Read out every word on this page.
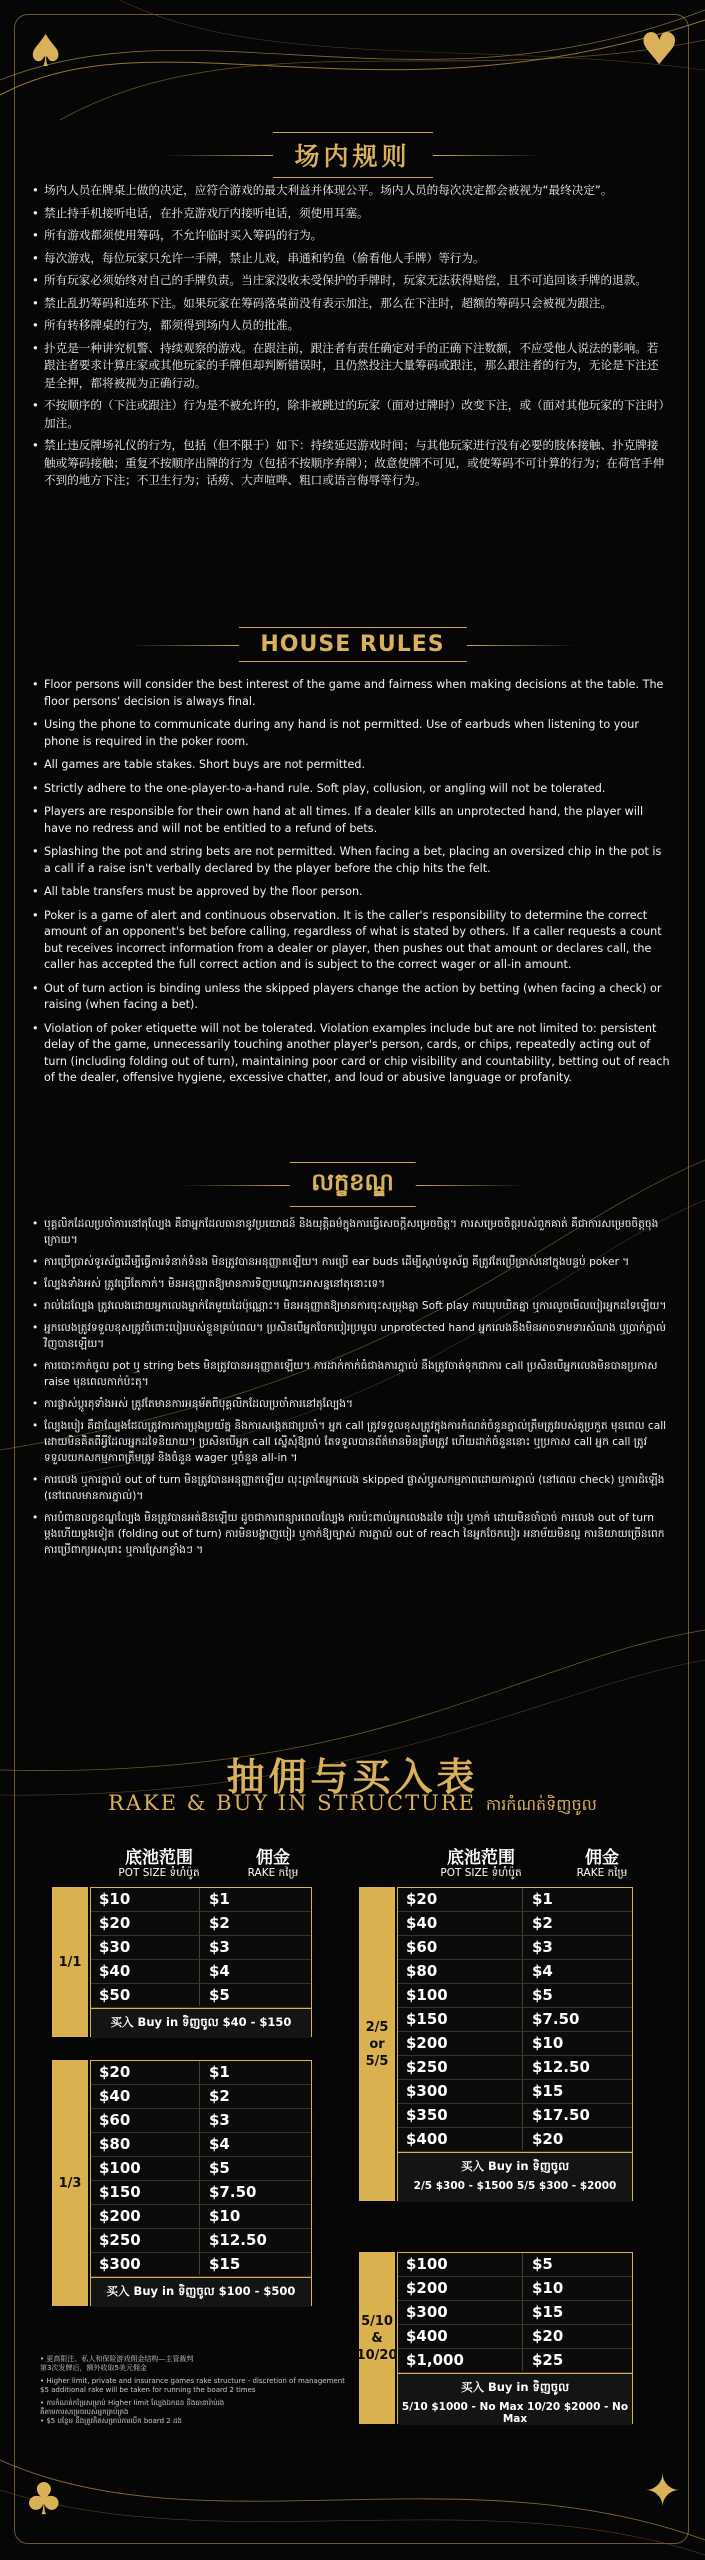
♠	♥
♣	✦
场内规则
• 场内人员在牌桌上做的决定，应符合游戏的最大利益并体现公平。场内人员的每次决定都会被视为“最终决定”。
• 禁止持手机接听电话，在扑克游戏厅内接听电话，须使用耳塞。
• 所有游戏都须使用筹码，不允许临时买入筹码的行为。
• 每次游戏，每位玩家只允许一手牌，禁止儿戏，串通和钓鱼（偷看他人手牌）等行为。
• 所有玩家必须始终对自己的手牌负责。当庄家没收未受保护的手牌时，玩家无法获得赔偿，且不可追回该手牌的退款。
• 禁止乱扔筹码和连环下注。如果玩家在筹码落桌前没有表示加注，那么在下注时，超额的筹码只会被视为跟注。
• 所有转移牌桌的行为，都须得到场内人员的批准。
• 扑克是一种讲究机警、持续观察的游戏。在跟注前，跟注者有责任确定对手的正确下注数额，不应受他人说法的影响。若跟注者要求计算庄家或其他玩家的手牌但却判断错误时，且仍然投注大量筹码或跟注，那么跟注者的行为，无论是下注还是全押，都将被视为正确行动。
• 不按顺序的（下注或跟注）行为是不被允许的，除非被跳过的玩家（面对过牌时）改变下注，或（面对其他玩家的下注时）加注。
• 禁止违反牌场礼仪的行为，包括（但不限于）如下：持续延迟游戏时间；与其他玩家进行没有必要的肢体接触、扑克牌接触或筹码接触；重复不按顺序出牌的行为（包括不按顺序弃牌）；故意使牌不可见，或使筹码不可计算的行为；在荷官手伸不到的地方下注；不卫生行为；话痨、大声喧哗、粗口或语言侮辱等行为。
HOUSE RULES
• Floor persons will consider the best interest of the game and fairness when making decisions at the table. The floor persons' decision is always final.
• Using the phone to communicate during any hand is not permitted. Use of earbuds when listening to your phone is required in the poker room.
• All games are table stakes. Short buys are not permitted.
• Strictly adhere to the one-player-to-a-hand rule. Soft play, collusion, or angling will not be tolerated.
• Players are responsible for their own hand at all times. If a dealer kills an unprotected hand, the player will have no redress and will not be entitled to a refund of bets.
• Splashing the pot and string bets are not permitted. When facing a bet, placing an oversized chip in the pot is a call if a raise isn't verbally declared by the player before the chip hits the felt.
• All table transfers must be approved by the floor person.
• Poker is a game of alert and continuous observation. It is the caller's responsibility to determine the correct amount of an opponent's bet before calling, regardless of what is stated by others. If a caller requests a count but receives incorrect information from a dealer or player, then pushes out that amount or declares call, the caller has accepted the full correct action and is subject to the correct wager or all-in amount.
• Out of turn action is binding unless the skipped players change the action by betting (when facing a check) or raising (when facing a bet).
• Violation of poker etiquette will not be tolerated. Violation examples include but are not limited to: persistent delay of the game, unnecessarily touching another player's person, cards, or chips, repeatedly acting out of turn (including folding out of turn), maintaining poor card or chip visibility and countability, betting out of reach of the dealer, offensive hygiene, excessive chatter, and loud or abusive language or profanity.
លក្ខខណ្ឌ
• បុគ្គលិកដែលប្រចាំការនៅតុល្បែង គឺជាអ្នកដែលធានានូវប្រយោជន៍ និងយុត្តិធម៌ក្នុងការធ្វើសេចក្តីសម្រេចចិត្ត។ ការសម្រេចចិត្តរបស់ពួកគាត់ គឺជាការសម្រេចចិត្តចុងក្រោយ។
• ការប្រើប្រាស់ទូរស័ព្ទដើម្បីធ្វើការទំនាក់ទំនង មិនត្រូវបានអនុញ្ញាតឡើយ។ ការប្រើ ear buds ដើម្បីស្តាប់ទូរស័ព្ទ គឺត្រូវតែប្រើប្រាស់នៅក្នុងបន្ទប់ poker ។
• ល្បែងទាំងអស់ ត្រូវប្រើតែកាក់។ មិនអនុញ្ញាតឱ្យមានការទិញបណ្តោះអាសន្ននៅតុនោះទេ។
• រាល់ដៃល្បែង ត្រូវលេងដោយអ្នកលេងម្នាក់តែមួយដៃប៉ុណ្ណោះ។ មិនអនុញ្ញាតឱ្យមានការចុះសម្រុងគ្នា Soft play ការឃុបឃិតគ្នា ឬការលួចមើលបៀរអ្នកដទៃឡើយ។
• អ្នកលេងត្រូវទទួលខុសត្រូវចំពោះបៀររបស់ខ្លួនគ្រប់ពេល។ ប្រសិនបើអ្នកចែកបៀរប្រមូល unprotected hand អ្នកលេងនឹងមិនអាចទាមទារសំណង ឬប្រាក់ភ្នាល់វិញបានឡើយ។
• ការបោះកាក់ចូល pot ឬ string bets មិនត្រូវបានអនុញ្ញាតឡើយ។ ការដាក់កាក់ធំជាងការភ្នាល់ នឹងត្រូវចាត់ទុកជាការ call ប្រសិនបើអ្នកលេងមិនបានប្រកាស raise មុនពេលកាក់ប៉ះតុ។
• ការផ្លាស់ប្តូរតុទាំងអស់ ត្រូវតែមានការអនុម័តពីបុគ្គលិកដែលប្រចាំការនៅតុល្បែង។
• ល្បែងបៀរ គឺជាល្បែងដែលត្រូវការការប្រុងប្រយ័ត្ន និងការសង្កេតជាប្រចាំ។ អ្នក call ត្រូវទទួលខុសត្រូវក្នុងការកំណត់ចំនួនភ្នាល់ត្រឹមត្រូវរបស់គូប្រកួត មុនពេល call ដោយមិនគិតពីអ្វីដែលអ្នកដទៃនិយាយ។ ប្រសិនបើអ្នក call ស្នើសុំឱ្យរាប់ តែទទួលបានព័ត៌មានមិនត្រឹមត្រូវ ហើយដាក់ចំនួននោះ ឬប្រកាស call អ្នក call ត្រូវទទួលយកសកម្មភាពត្រឹមត្រូវ និងចំនួន wager ឬចំនួន all-in ។
• ការលេង ឬការភ្នាល់ out of turn មិនត្រូវបានអនុញ្ញាតឡើយ លុះត្រាតែអ្នកលេង skipped ផ្លាស់ប្តូរសកម្មភាពដោយការភ្នាល់ (នៅពេល check) ឬការដំឡើង (នៅពេលមានការភ្នាល់)។
• ការបំពានលក្ខខណ្ឌល្បែង មិនត្រូវបានអត់ឱនឡើយ ដូចជាការពន្យារពេលល្បែង ការប៉ះពាល់អ្នកលេងដទៃ បៀរ ឬកាក់ ដោយមិនចាំបាច់ ការលេង out of turn ម្តងហើយម្តងទៀត (folding out of turn) ការមិនបង្ហាញបៀរ ឬកាក់ឱ្យច្បាស់ ការភ្នាល់ out of reach នៃអ្នកចែកបៀរ អនាម័យមិនល្អ ការនិយាយច្រើនពេក ការប្រើពាក្យអសុរោះ ឬការស្រែកខ្លាំងៗ ។
抽佣与买入表
RAKE & BUY IN STRUCTURE ការកំណត់ទិញចូល
底池范围
POT SIZE ទំហំប៉ូត
佣金
RAKE កម្រៃ
底池范围
POT SIZE ទំហំប៉ូត
佣金
RAKE កម្រៃ
1/1
$10	$1
$20	$2
$30	$3
$40	$4
$50	$5
买入 Buy in ទិញចូល $40 - $150
1/3
$20	$1
$40	$2
$60	$3
$80	$4
$100	$5
$150	$7.50
$200	$10
$250	$12.50
$300	$15
买入 Buy in ទិញចូល $100 - $500
2/5 or 5/5
$20	$1
$40	$2
$60	$3
$80	$4
$100	$5
$150	$7.50
$200	$10
$250	$12.50
$300	$15
$350	$17.50
$400	$20
买入 Buy in ទិញចូល
2/5 $300 - $1500 5/5 $300 - $2000
5/10 & 10/20
$100	$5
$200	$10
$300	$15
$400	$20
$1,000	$25
买入 Buy in ទិញចូល
5/10 $1000 - No Max 10/20 $2000 - No Max
• 更高限注、私人和保险游戏佣金结构—主管裁判
第3次发牌后，额外收取5美元佣金
• Higher limit, private and insurance games rake structure - discretion of management
$5 additional rake will be taken for running the board 2 times
• ការកំណត់កម្រៃសម្រាប់ Higher limit ល្បែងឯកជន និងធានារ៉ាប់រង
គឺតាមការសម្រេចរបស់អ្នកគ្រប់គ្រង
• $5 បន្ថែម នឹងត្រូវគិតសម្រាប់ការបើក board 2 ដង
